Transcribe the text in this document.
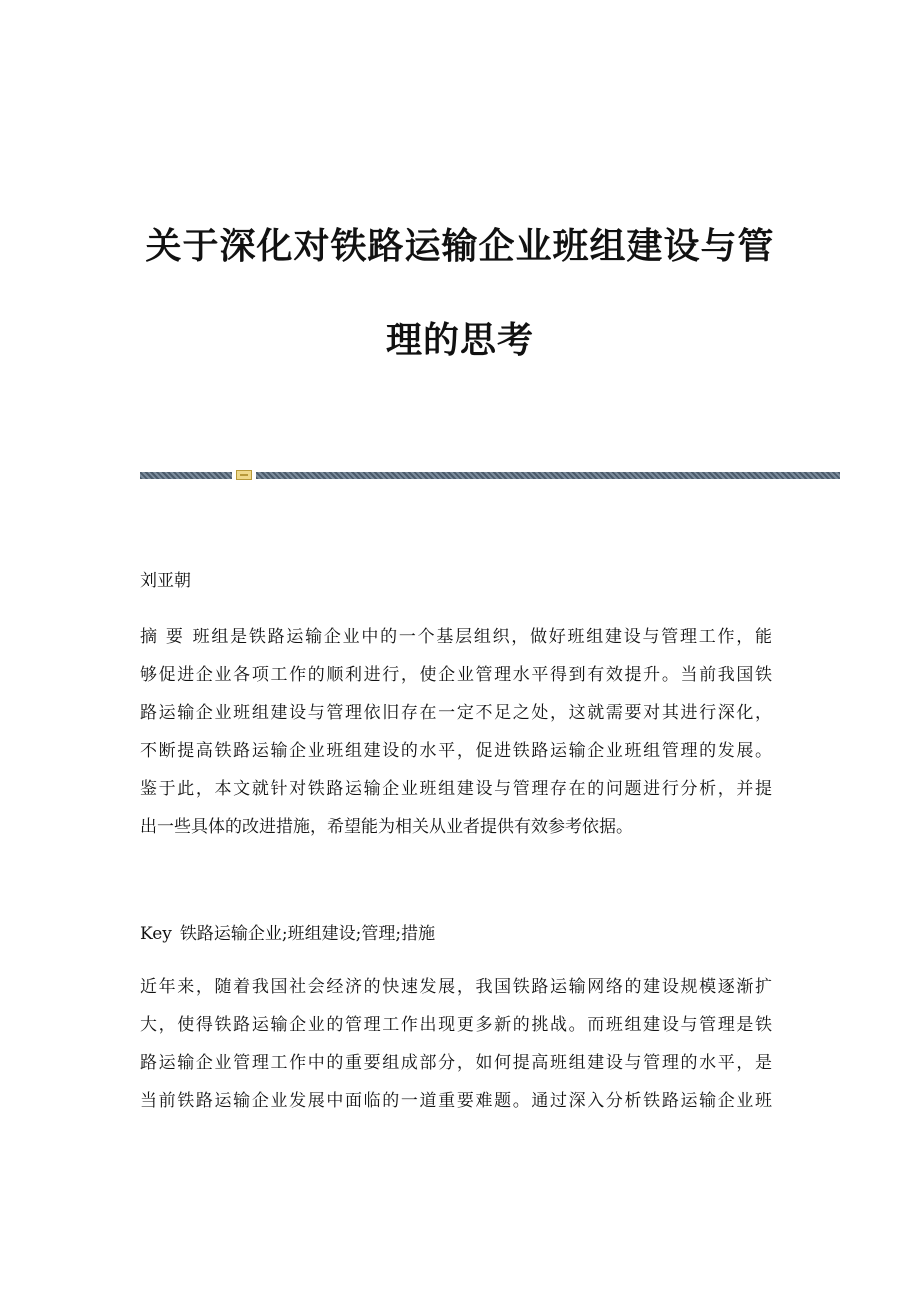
关于深化对铁路运输企业班组建设与管
理的思考
刘亚朝
摘 要 班组是铁路运输企业中的一个基层组织，做好班组建设与管理工作，能
够促进企业各项工作的顺利进行，使企业管理水平得到有效提升。当前我国铁
路运输企业班组建设与管理依旧存在一定不足之处，这就需要对其进行深化，
不断提高铁路运输企业班组建设的水平，促进铁路运输企业班组管理的发展。
鉴于此，本文就针对铁路运输企业班组建设与管理存在的问题进行分析，并提
出一些具体的改进措施，希望能为相关从业者提供有效参考依据。
Key 铁路运输企业;班组建设;管理;措施
近年来，随着我国社会经济的快速发展，我国铁路运输网络的建设规模逐渐扩
大，使得铁路运输企业的管理工作出现更多新的挑战。而班组建设与管理是铁
路运输企业管理工作中的重要组成部分，如何提高班组建设与管理的水平，是
当前铁路运输企业发展中面临的一道重要难题。通过深入分析铁路运输企业班
